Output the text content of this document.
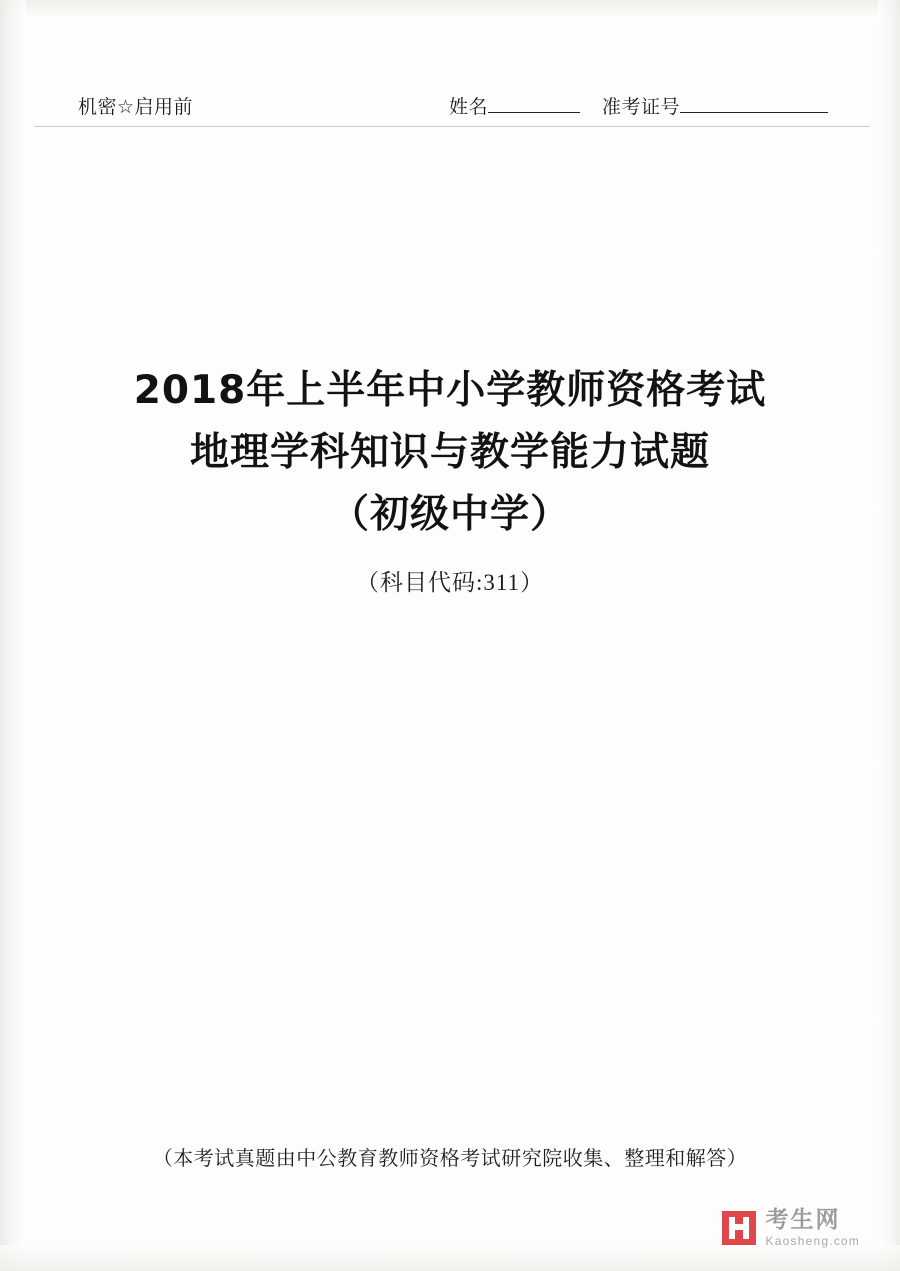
机密☆启用前	姓名	准考证号
2018年上半年中小学教师资格考试
地理学科知识与教学能力试题
（初级中学）
（科目代码:311）
（本考试真题由中公教育教师资格考试研究院收集、整理和解答）
考生网
Kaosheng.com
